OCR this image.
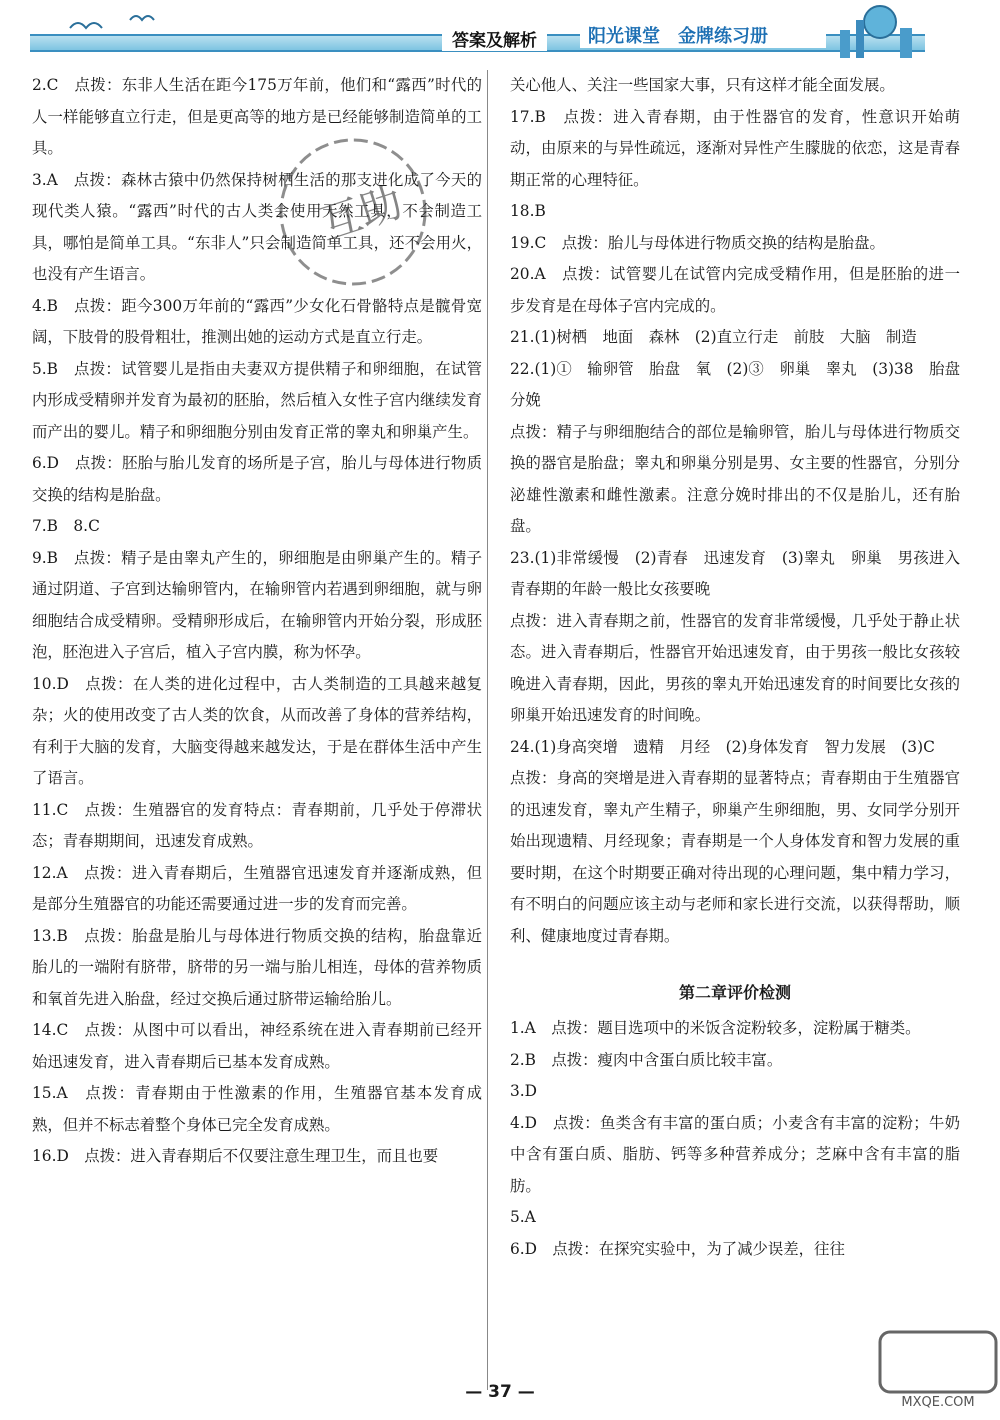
答案及解析	阳光课堂　金牌练习册

2.C　点拨：东非人生活在距今175万年前，他们和“露西”时代的人一样能够直立行走，但是更高等的地方是已经能够制造简单的工具。

3.A　点拨：森林古猿中仍然保持树栖生活的那支进化成了今天的现代类人猿。“露西”时代的古人类会使用天然工具，不会制造工具，哪怕是简单工具。“东非人”只会制造简单工具，还不会用火，也没有产生语言。

4.B　点拨：距今300万年前的“露西”少女化石骨骼特点是髋骨宽阔，下肢骨的股骨粗壮，推测出她的运动方式是直立行走。

5.B　点拨：试管婴儿是指由夫妻双方提供精子和卵细胞，在试管内形成受精卵并发育为最初的胚胎，然后植入女性子宫内继续发育而产出的婴儿。精子和卵细胞分别由发育正常的睾丸和卵巢产生。

6.D　点拨：胚胎与胎儿发育的场所是子宫，胎儿与母体进行物质交换的结构是胎盘。

7.B　8.C

9.B　点拨：精子是由睾丸产生的，卵细胞是由卵巢产生的。精子通过阴道、子宫到达输卵管内，在输卵管内若遇到卵细胞，就与卵细胞结合成受精卵。受精卵形成后，在输卵管内开始分裂，形成胚泡，胚泡进入子宫后，植入子宫内膜，称为怀孕。

10.D　点拨：在人类的进化过程中，古人类制造的工具越来越复杂；火的使用改变了古人类的饮食，从而改善了身体的营养结构，有利于大脑的发育，大脑变得越来越发达，于是在群体生活中产生了语言。

11.C　点拨：生殖器官的发育特点：青春期前，几乎处于停滞状态；青春期期间，迅速发育成熟。

12.A　点拨：进入青春期后，生殖器官迅速发育并逐渐成熟，但是部分生殖器官的功能还需要通过进一步的发育而完善。

13.B　点拨：胎盘是胎儿与母体进行物质交换的结构，胎盘靠近胎儿的一端附有脐带，脐带的另一端与胎儿相连，母体的营养物质和氧首先进入胎盘，经过交换后通过脐带运输给胎儿。

14.C　点拨：从图中可以看出，神经系统在进入青春期前已经开始迅速发育，进入青春期后已基本发育成熟。

15.A　点拨：青春期由于性激素的作用，生殖器官基本发育成熟，但并不标志着整个身体已完全发育成熟。

16.D　点拨：进入青春期后不仅要注意生理卫生，而且也要

关心他人、关注一些国家大事，只有这样才能全面发展。

17.B　点拨：进入青春期，由于性器官的发育，性意识开始萌动，由原来的与异性疏远，逐渐对异性产生朦胧的依恋，这是青春期正常的心理特征。

18.B

19.C　点拨：胎儿与母体进行物质交换的结构是胎盘。

20.A　点拨：试管婴儿在试管内完成受精作用，但是胚胎的进一步发育是在母体子宫内完成的。

21.(1)树栖　地面　森林　(2)直立行走　前肢　大脑　制造

22.(1)①　输卵管　胎盘　氧　(2)③　卵巢　睾丸　(3)38　胎盘　分娩

点拨：精子与卵细胞结合的部位是输卵管，胎儿与母体进行物质交换的器官是胎盘；睾丸和卵巢分别是男、女主要的性器官，分别分泌雄性激素和雌性激素。注意分娩时排出的不仅是胎儿，还有胎盘。

23.(1)非常缓慢　(2)青春　迅速发育　(3)睾丸　卵巢　男孩进入青春期的年龄一般比女孩要晚

点拨：进入青春期之前，性器官的发育非常缓慢，几乎处于静止状态。进入青春期后，性器官开始迅速发育，由于男孩一般比女孩较晚进入青春期，因此，男孩的睾丸开始迅速发育的时间要比女孩的卵巢开始迅速发育的时间晚。

24.(1)身高突增　遗精　月经　(2)身体发育　智力发展　(3)C

点拨：身高的突增是进入青春期的显著特点；青春期由于生殖器官的迅速发育，睾丸产生精子，卵巢产生卵细胞，男、女同学分别开始出现遗精、月经现象；青春期是一个人身体发育和智力发展的重要时期，在这个时期要正确对待出现的心理问题，集中精力学习，有不明白的问题应该主动与老师和家长进行交流，以获得帮助，顺利、健康地度过青春期。

第二章评价检测

1.A　点拨：题目选项中的米饭含淀粉较多，淀粉属于糖类。

2.B　点拨：瘦肉中含蛋白质比较丰富。

3.D

4.D　点拨：鱼类含有丰富的蛋白质；小麦含有丰富的淀粉；牛奶中含有蛋白质、脂肪、钙等多种营养成分；芝麻中含有丰富的脂肪。

5.A

6.D　点拨：在探究实验中，为了减少误差，往往

互助
MXQE.COM
— 37 —
